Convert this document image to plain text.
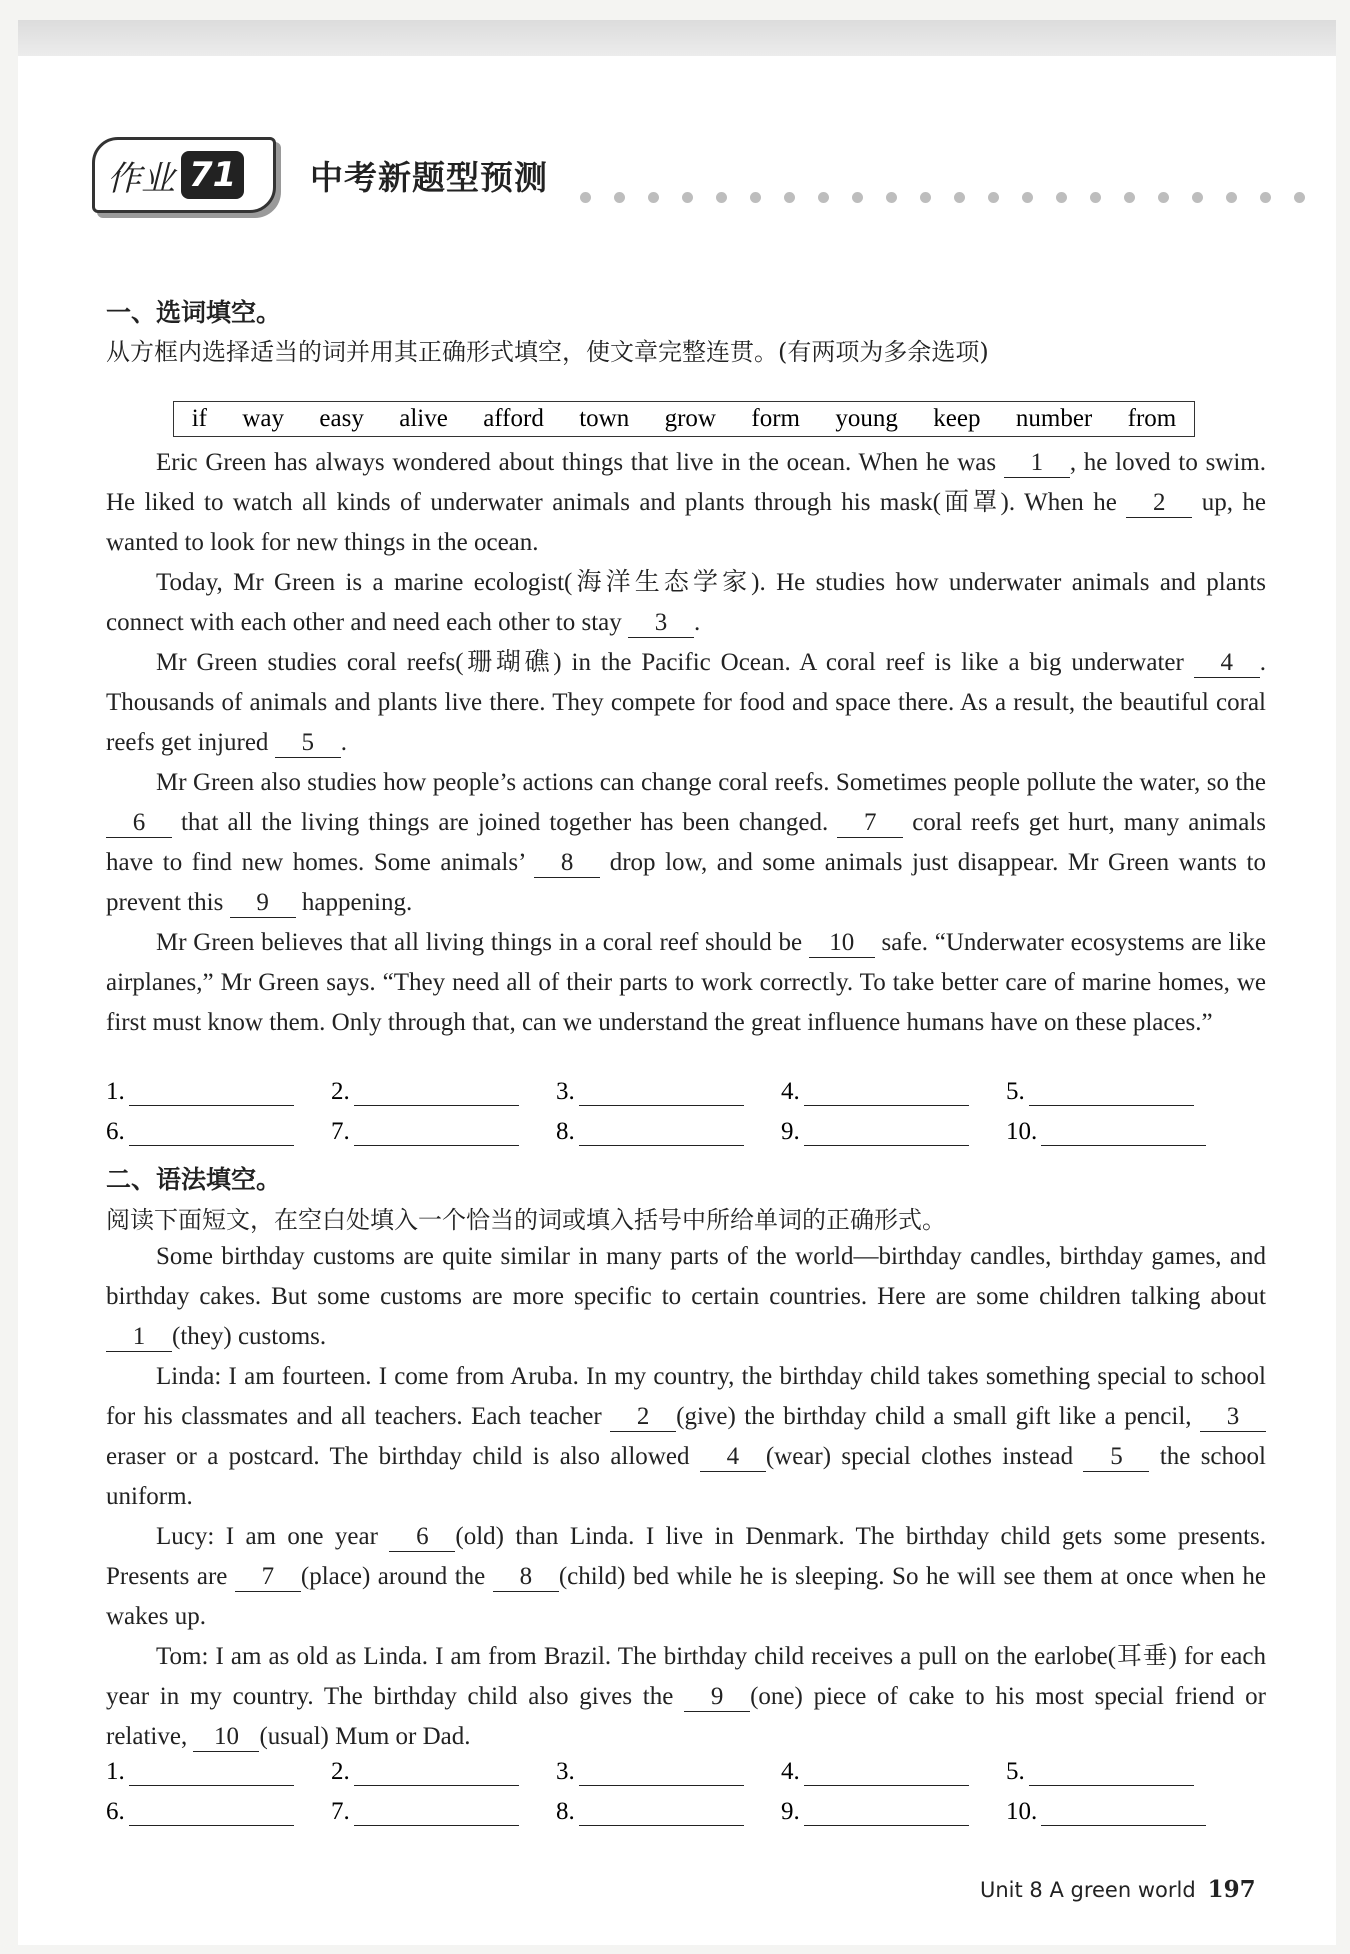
作业 71 中考新题型预测
一、选词填空。
从方框内选择适当的词并用其正确形式填空，使文章完整连贯。(有两项为多余选项)
if way easy alive afford town grow form young keep number from

Eric Green has always wondered about things that live in the ocean. When he was 1 , he loved to swim. He liked to watch all kinds of underwater animals and plants through his mask(面罩). When he 2 up, he wanted to look for new things in the ocean.

Today, Mr Green is a marine ecologist(海洋生态学家). He studies how underwater animals and plants connect with each other and need each other to stay 3 .

Mr Green studies coral reefs(珊瑚礁) in the Pacific Ocean. A coral reef is like a big underwater 4 . Thousands of animals and plants live there. They compete for food and space there. As a result, the beautiful coral reefs get injured 5 .

Mr Green also studies how people’s actions can change coral reefs. Sometimes people pollute the water, so the 6 that all the living things are joined together has been changed. 7 coral reefs get hurt, many animals have to find new homes. Some animals’ 8 drop low, and some animals just disappear. Mr Green wants to prevent this 9 happening.

Mr Green believes that all living things in a coral reef should be 10 safe. “Underwater ecosystems are like airplanes,” Mr Green says. “They need all of their parts to work correctly. To take better care of marine homes, we first must know them. Only through that, can we understand the great influence humans have on these places.”

1.	2.	3.	4.	5.
6.	7.	8.	9.	10.
二、语法填空。
阅读下面短文，在空白处填入一个恰当的词或填入括号中所给单词的正确形式。

Some birthday customs are quite similar in many parts of the world—birthday candles, birthday games, and birthday cakes. But some customs are more specific to certain countries. Here are some children talking about 1 (they) customs.

Linda: I am fourteen. I come from Aruba. In my country, the birthday child takes something special to school for his classmates and all teachers. Each teacher 2 (give) the birthday child a small gift like a pencil, 3 eraser or a postcard. The birthday child is also allowed 4 (wear) special clothes instead 5 the school uniform.

Lucy: I am one year 6 (old) than Linda. I live in Denmark. The birthday child gets some presents. Presents are 7 (place) around the 8 (child) bed while he is sleeping. So he will see them at once when he wakes up.

Tom: I am as old as Linda. I am from Brazil. The birthday child receives a pull on the earlobe(耳垂) for each year in my country. The birthday child also gives the 9 (one) piece of cake to his most special friend or relative, 10 (usual) Mum or Dad.

1.	2.	3.	4.	5.
6.	7.	8.	9.	10.
Unit 8 A green world 197
